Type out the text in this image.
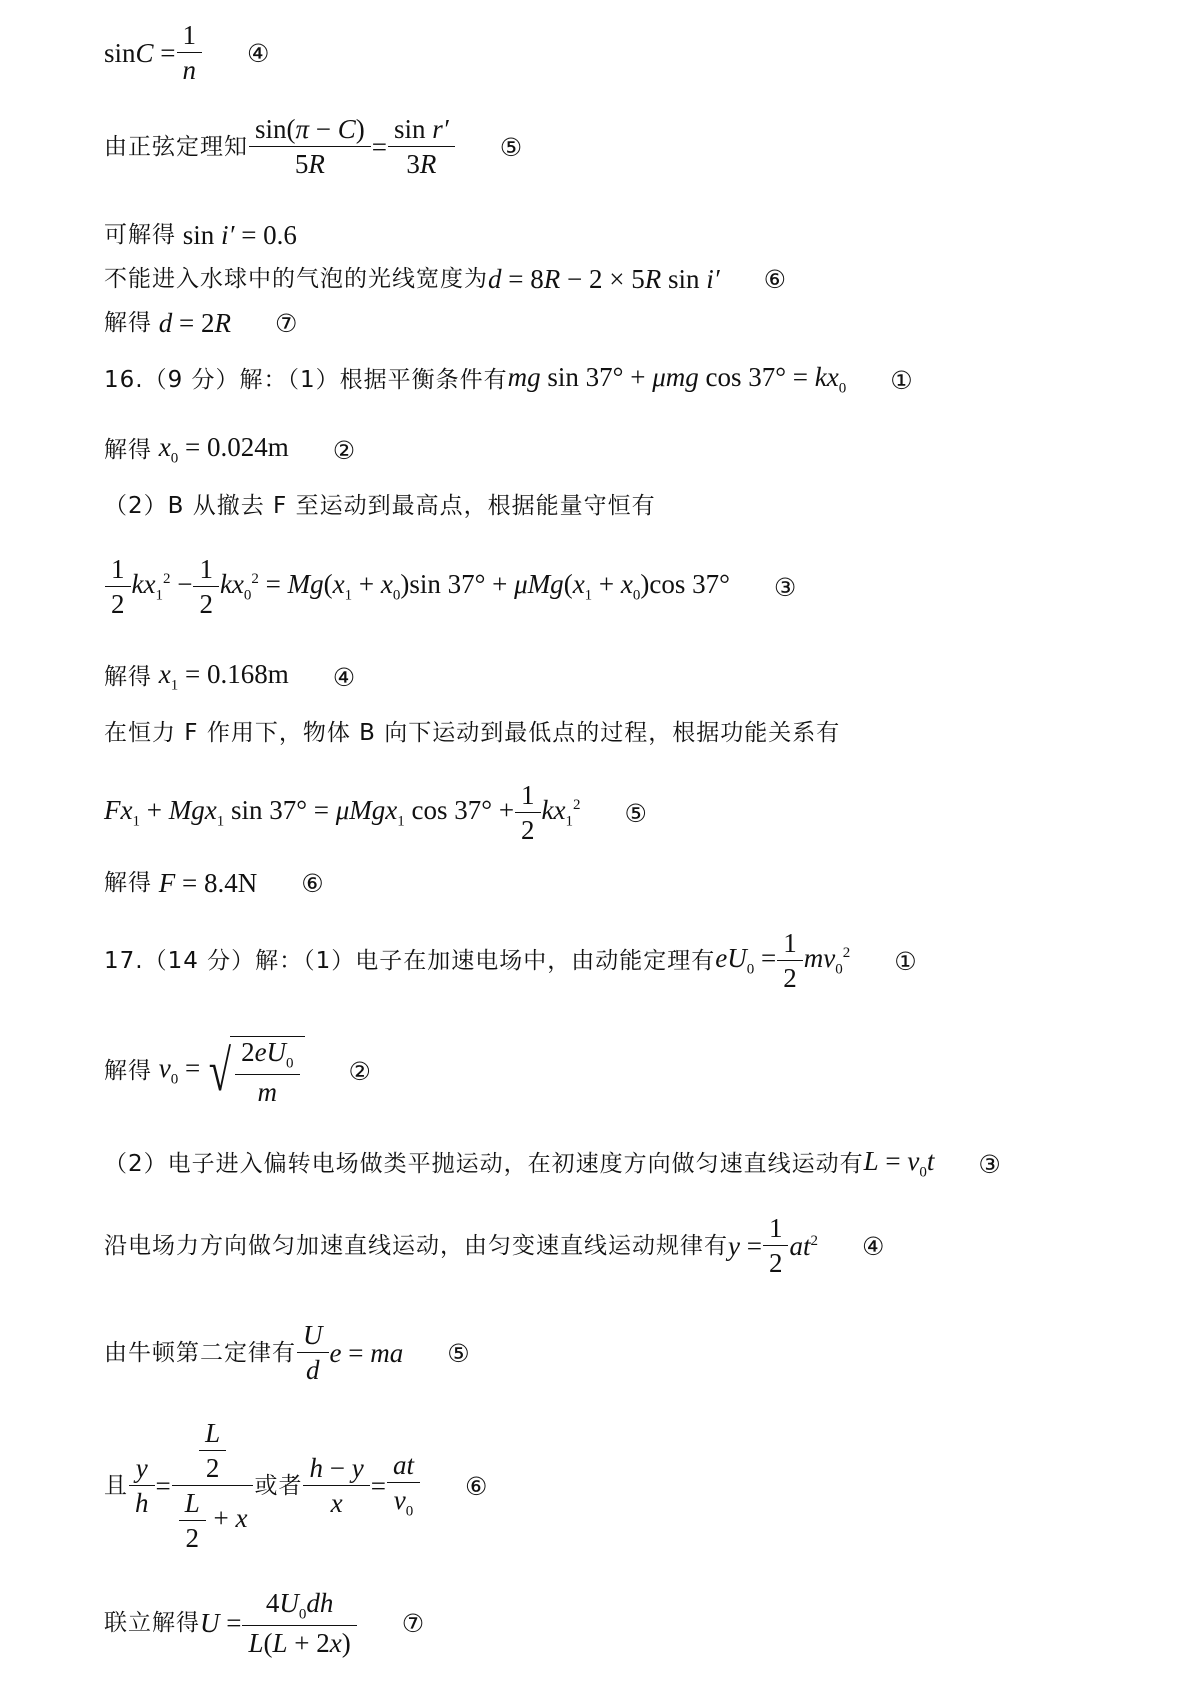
$\sin C = \frac{1}{n}$ ④
由正弦定理知 $\frac{\sin(\pi - C)}{5R} = \frac{\text{sin r′}}{3R}$ ⑤
可解得 sin i′ = 0.6
不能进入水球中的气泡的光线宽度为 d = 8R − 2 × 5R sin i′ ⑥
解得 d = 2R ⑦
16.（9 分）解：（1）根据平衡条件有 mg sin 37° + μmg $\cos 37^\circ = kx_0$ ①
解得 $x_0 = 0.024m$ ②
（2）B 从撤去 F 至运动到最高点，根据能量守恒有
$\frac{1}{2} kx_1^2 - \frac{1}{2} kx_0^2 = Mg(x_1 + x_0)\sin$ $37^\circ + \mu Mg(x_1 + x_0)\cos$ 37° ③
解得 $x_1 = 0.168m$ ④
在恒力 F 作用下，物体 B 向下运动到最低点的过程，根据功能关系有
$Fx_1 + Mgx_1$ sin 37° = μMgx$_1$ $\cos 37^\circ + \frac{1}{2} kx_1^2$ ⑤
解得 F = 8.4N ⑥
17.（14 分）解：（1）电子在加速电场中，由动能定理有 $eU_0 = \frac{1}{2} mv_0^2$ ①
解得 $v_0$ = √ $\frac{2eU_0}{m}$ ②
（2）电子进入偏转电场做类平抛运动，在初速度方向做匀速直线运动有 $L = v_0t$ ③
沿电场力方向做匀加速直线运动，由匀变速直线运动规律有 $y = \frac{1}{2} at^2$ ④
由牛顿第二定律有 $\frac{U}{d}$ e = ma ⑤
且 $\frac{y}{h} = \frac{\frac{L}{2}}{\frac{L}{2} + x}$ 或者 $\frac{h - y}{x} = \frac{at}{v_0}$ ⑥
联立解得 $U = \frac{4U_0dh}{L(L + 2x)}$ ⑦
